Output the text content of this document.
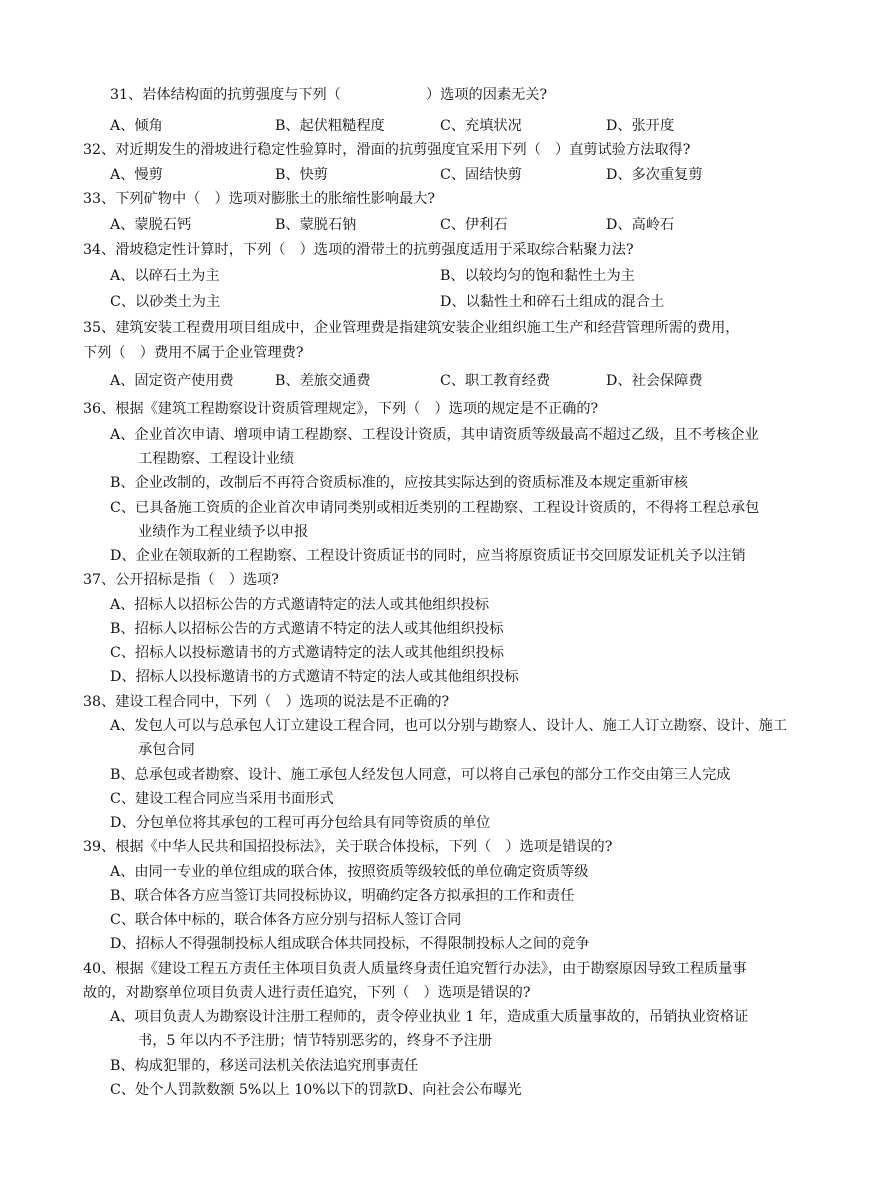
31、岩体结构面的抗剪强度与下列（　　　　　　）选项的因素无关?
A、倾角	B、起伏粗糙程度	C、充填状况	D、张开度
32、对近期发生的滑坡进行稳定性验算时，滑面的抗剪强度宜采用下列（　）直剪试验方法取得?
A、慢剪	B、快剪	C、固结快剪	D、多次重复剪
33、下列矿物中（　）选项对膨胀土的胀缩性影响最大?
A、蒙脱石钙	B、蒙脱石钠	C、伊利石	D、高岭石
34、滑坡稳定性计算时，下列（　）选项的滑带土的抗剪强度适用于采取综合粘聚力法?
A、以碎石土为主	B、以较均匀的饱和黏性土为主
C、以砂类土为主	D、以黏性土和碎石土组成的混合土
35、建筑安装工程费用项目组成中，企业管理费是指建筑安装企业组织施工生产和经营管理所需的费用，
下列（　）费用不属于企业管理费?
A、固定资产使用费	B、差旅交通费	C、职工教育经费	D、社会保障费
36、根据《建筑工程勘察设计资质管理规定》，下列（　）选项的规定是不正确的?
A、企业首次申请、增项申请工程勘察、工程设计资质，其申请资质等级最高不超过乙级，且不考核企业
工程勘察、工程设计业绩
B、企业改制的，改制后不再符合资质标准的，应按其实际达到的资质标准及本规定重新审核
C、已具备施工资质的企业首次申请同类别或相近类别的工程勘察、工程设计资质的，不得将工程总承包
业绩作为工程业绩予以申报
D、企业在领取新的工程勘察、工程设计资质证书的同时，应当将原资质证书交回原发证机关予以注销
37、公开招标是指（　）选项?
A、招标人以招标公告的方式邀请特定的法人或其他组织投标
B、招标人以招标公告的方式邀请不特定的法人或其他组织投标
C、招标人以投标邀请书的方式邀请特定的法人或其他组织投标
D、招标人以投标邀请书的方式邀请不特定的法人或其他组织投标
38、建设工程合同中，下列（　）选项的说法是不正确的?
A、发包人可以与总承包人订立建设工程合同，也可以分别与勘察人、设计人、施工人订立勘察、设计、施工
承包合同
B、总承包或者勘察、设计、施工承包人经发包人同意，可以将自己承包的部分工作交由第三人完成
C、建设工程合同应当采用书面形式
D、分包单位将其承包的工程可再分包给具有同等资质的单位
39、根据《中华人民共和国招投标法》，关于联合体投标，下列（　）选项是错误的?
A、由同一专业的单位组成的联合体，按照资质等级较低的单位确定资质等级
B、联合体各方应当签订共同投标协议，明确约定各方拟承担的工作和责任
C、联合体中标的，联合体各方应分别与招标人签订合同
D、招标人不得强制投标人组成联合体共同投标，不得限制投标人之间的竞争
40、根据《建设工程五方责任主体项目负责人质量终身责任追究暂行办法》，由于勘察原因导致工程质量事
故的，对勘察单位项目负责人进行责任追究，下列（　）选项是错误的?
A、项目负责人为勘察设计注册工程师的，责令停业执业 1 年，造成重大质量事故的，吊销执业资格证
书，5 年以内不予注册；情节特别恶劣的，终身不予注册
B、构成犯罪的，移送司法机关依法追究刑事责任
C、处个人罚款数额 5%以上 10%以下的罚款D、向社会公布曝光
